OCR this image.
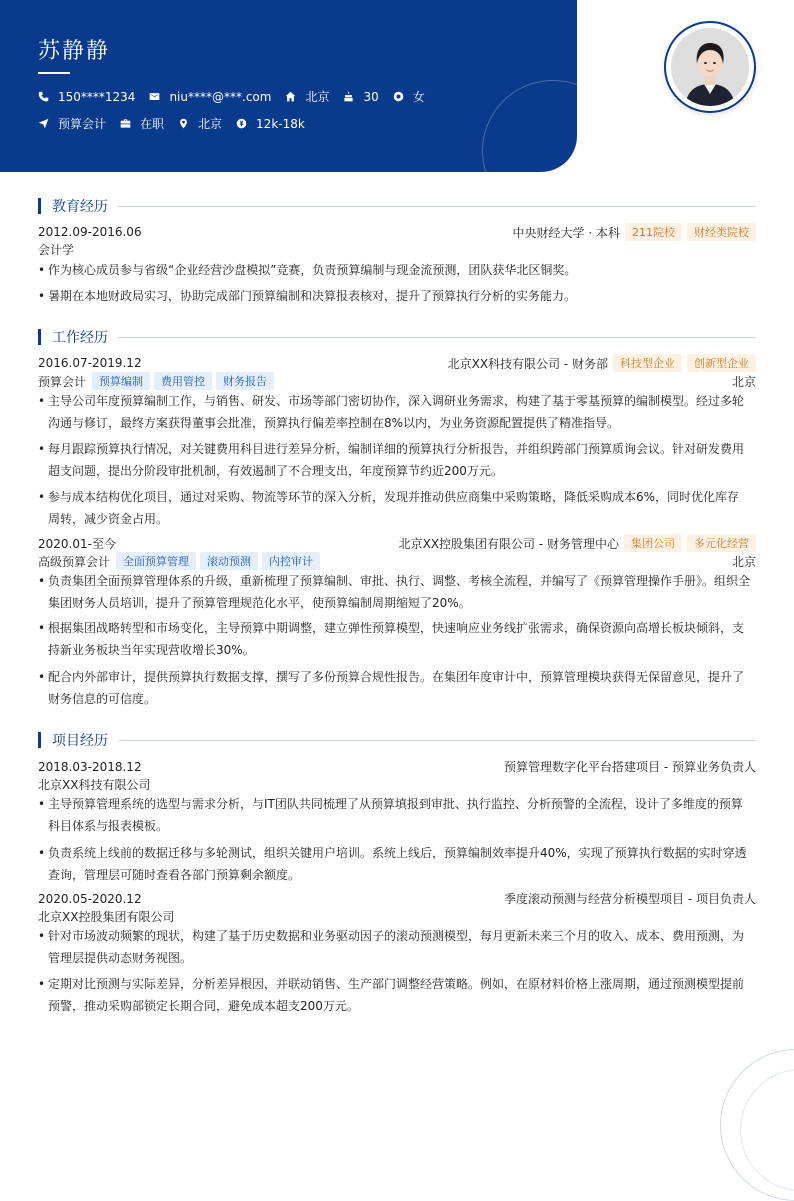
苏静静
150****1234	niu****@***.com	北京	30	女
预算会计	在职	北京	12k-18k
教育经历
2012.09-2016.06	中央财经大学 · 本科	211院校	财经类院校
会计学
• 作为核心成员参与省级“企业经营沙盘模拟”竞赛，负责预算编制与现金流预测，团队获华北区铜奖。
• 暑期在本地财政局实习，协助完成部门预算编制和决算报表核对，提升了预算执行分析的实务能力。
工作经历
2016.07-2019.12	北京XX科技有限公司 - 财务部	科技型企业	创新型企业
预算会计	预算编制	费用管控	财务报告	北京
• 主导公司年度预算编制工作，与销售、研发、市场等部门密切协作，深入调研业务需求，构建了基于零基预算的编制模型。经过多轮沟通与修订，最终方案获得董事会批准，预算执行偏差率控制在8%以内，为业务资源配置提供了精准指导。
• 每月跟踪预算执行情况，对关键费用科目进行差异分析，编制详细的预算执行分析报告，并组织跨部门预算质询会议。针对研发费用超支问题，提出分阶段审批机制，有效遏制了不合理支出，年度预算节约近200万元。
• 参与成本结构优化项目，通过对采购、物流等环节的深入分析，发现并推动供应商集中采购策略，降低采购成本6%，同时优化库存周转，减少资金占用。
2020.01-至今	北京XX控股集团有限公司 - 财务管理中心	集团公司	多元化经营
高级预算会计	全面预算管理	滚动预测	内控审计	北京
• 负责集团全面预算管理体系的升级，重新梳理了预算编制、审批、执行、调整、考核全流程，并编写了《预算管理操作手册》。组织全集团财务人员培训，提升了预算管理规范化水平，使预算编制周期缩短了20%。
• 根据集团战略转型和市场变化，主导预算中期调整，建立弹性预算模型，快速响应业务线扩张需求，确保资源向高增长板块倾斜，支持新业务板块当年实现营收增长30%。
• 配合内外部审计，提供预算执行数据支撑，撰写了多份预算合规性报告。在集团年度审计中，预算管理模块获得无保留意见，提升了财务信息的可信度。
项目经历
2018.03-2018.12	预算管理数字化平台搭建项目 - 预算业务负责人
北京XX科技有限公司
• 主导预算管理系统的选型与需求分析，与IT团队共同梳理了从预算填报到审批、执行监控、分析预警的全流程，设计了多维度的预算科目体系与报表模板。
• 负责系统上线前的数据迁移与多轮测试，组织关键用户培训。系统上线后，预算编制效率提升40%，实现了预算执行数据的实时穿透查询，管理层可随时查看各部门预算剩余额度。
2020.05-2020.12	季度滚动预测与经营分析模型项目 - 项目负责人
北京XX控股集团有限公司
• 针对市场波动频繁的现状，构建了基于历史数据和业务驱动因子的滚动预测模型，每月更新未来三个月的收入、成本、费用预测，为管理层提供动态财务视图。
• 定期对比预测与实际差异，分析差异根因，并联动销售、生产部门调整经营策略。例如，在原材料价格上涨周期，通过预测模型提前预警，推动采购部锁定长期合同，避免成本超支200万元。
